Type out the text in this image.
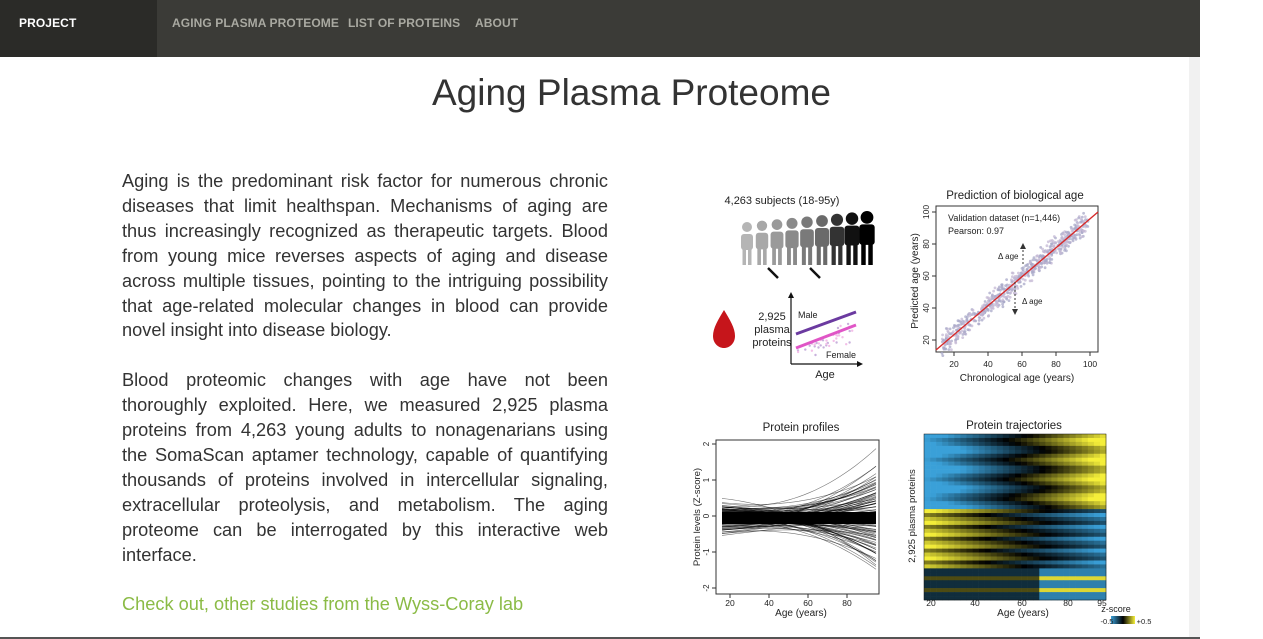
PROJECT DESCRIPTION
AGING PLASMA PROTEOME LIST OF PROTEINS ABOUT
Aging Plasma Proteome

Aging is the predominant risk factor for numerous chronic diseases that limit healthspan. Mechanisms of aging are thus increasingly recognized as therapeutic targets. Blood from young mice reverses aspects of aging and disease across multiple tissues, pointing to the intriguing possibility that age-related molecular changes in blood can provide novel insight into disease biology.

Blood proteomic changes with age have not been thoroughly exploited. Here, we measured 2,925 plasma proteins from 4,263 young adults to nonagenarians using the SomaScan aptamer technology, capable of quantifying thousands of proteins involved in intercellular signaling, extracellular proteolysis, and metabolism. The aging proteome can be interrogated by this interactive web interface.

Check out, other studies from the Wyss-Coray lab
4,263 subjects (18-95y)
2,925
plasma
proteins
Male
Female
Age
Prediction of biological age
Validation dataset (n=1,446)
Pearson: 0.97
Δ age
Δ age
20	40	60	80	100
20
40
60
80
100
Chronological age (years)
Predicted age (years)
Protein profiles
20	40	60	80
-2
-1
0
1
2
Age (years)
Protein levels (Z-score)
Protein trajectories
20	40	60	80	95
Age (years)
2,925 plasma proteins
z-score
-0.5	+0.5
